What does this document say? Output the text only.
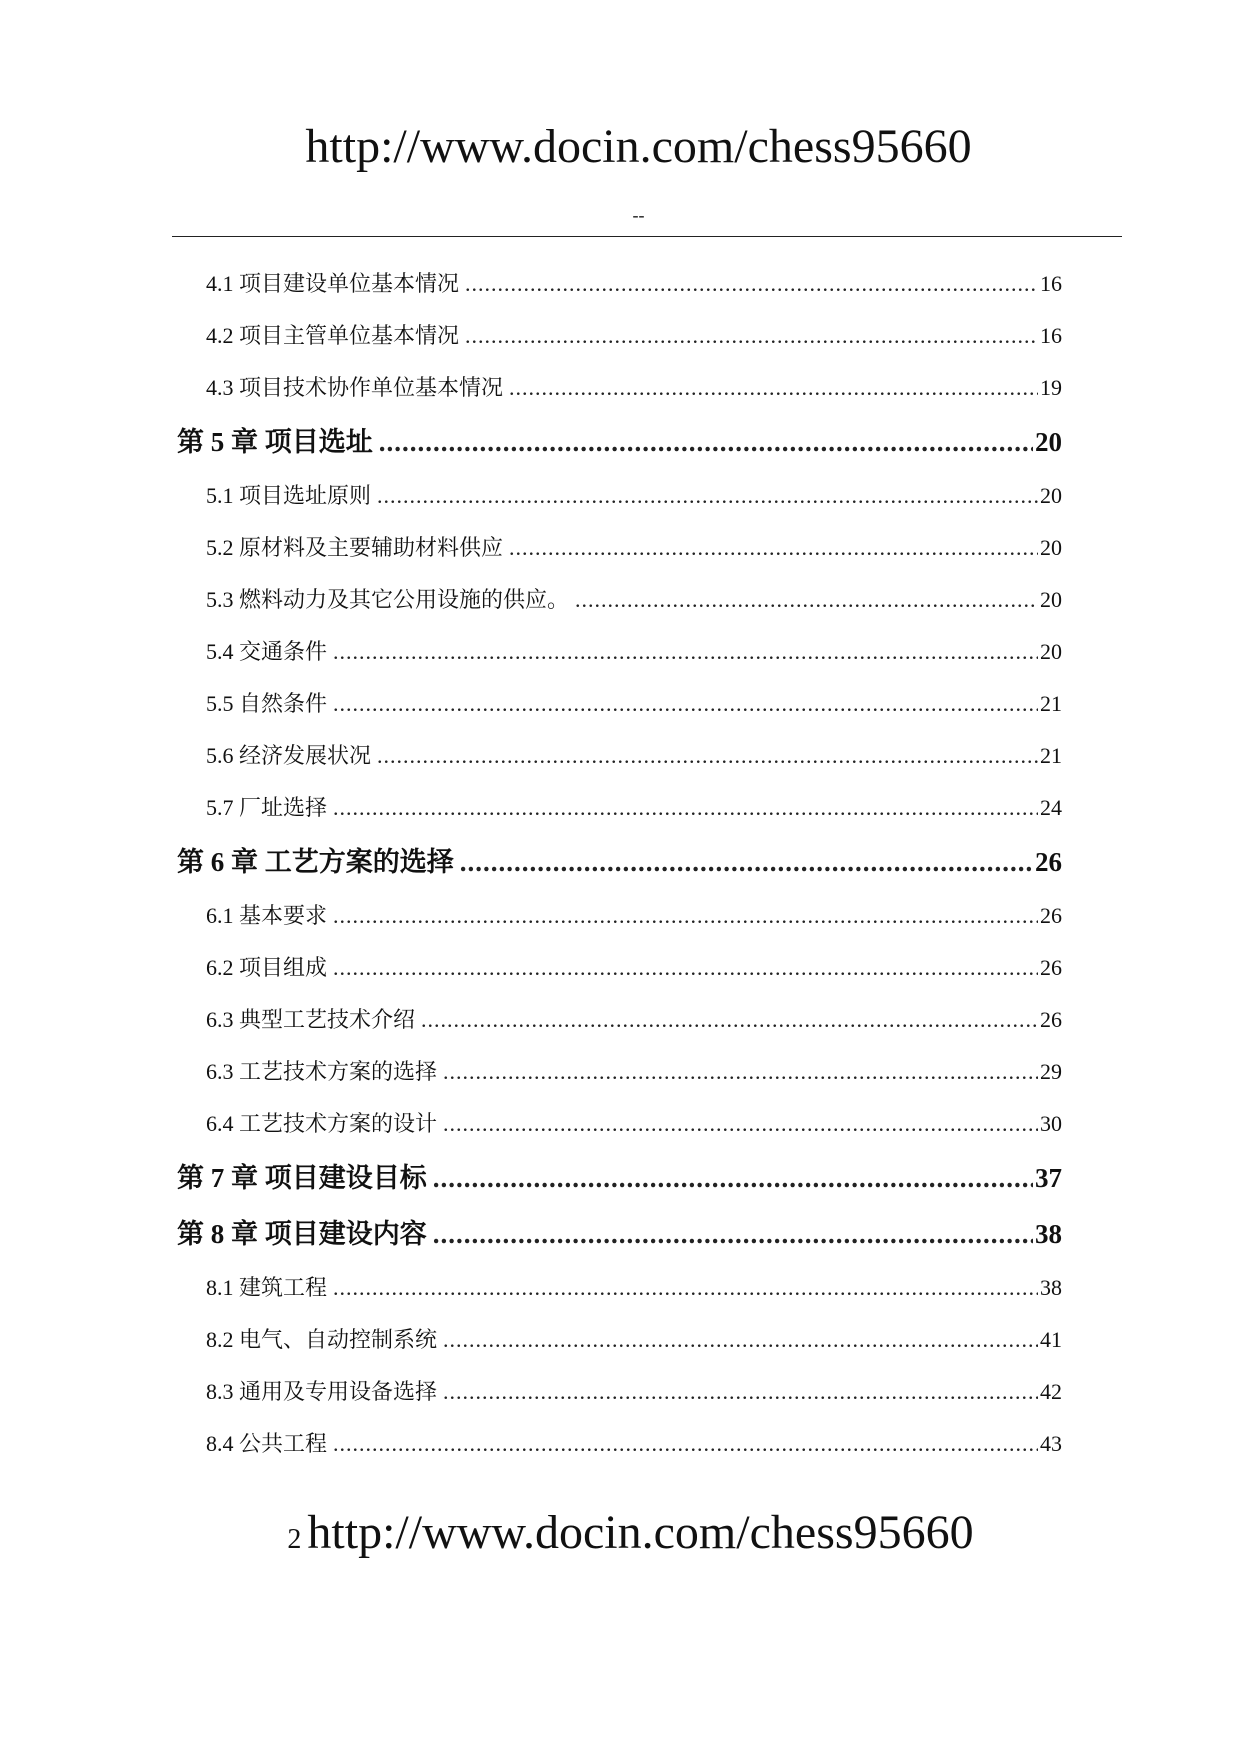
http://www.docin.com/chess95660
--
4.1 项目建设单位基本情况 .....	16
4.2 项目主管单位基本情况 .....	16
4.3 项目技术协作单位基本情况 .....	19
第 5 章 项目选址 .....	20
5.1 项目选址原则 .....	20
5.2 原材料及主要辅助材料供应 .....	20
5.3 燃料动力及其它公用设施的供应。 .....	20
5.4 交通条件 .....	20
5.5 自然条件 .....	21
5.6 经济发展状况 .....	21
5.7 厂址选择 .....	24
第 6 章 工艺方案的选择 .....	26
6.1 基本要求 .....	26
6.2 项目组成 .....	26
6.3 典型工艺技术介绍 .....	26
6.3 工艺技术方案的选择 .....	29
6.4 工艺技术方案的设计 .....	30
第 7 章 项目建设目标 .....	37
第 8 章 项目建设内容 .....	38
8.1 建筑工程 .....	38
8.2 电气、自动控制系统 .....	41
8.3 通用及专用设备选择 .....	42
8.4 公共工程 .....	43
2 http://www.docin.com/chess95660
